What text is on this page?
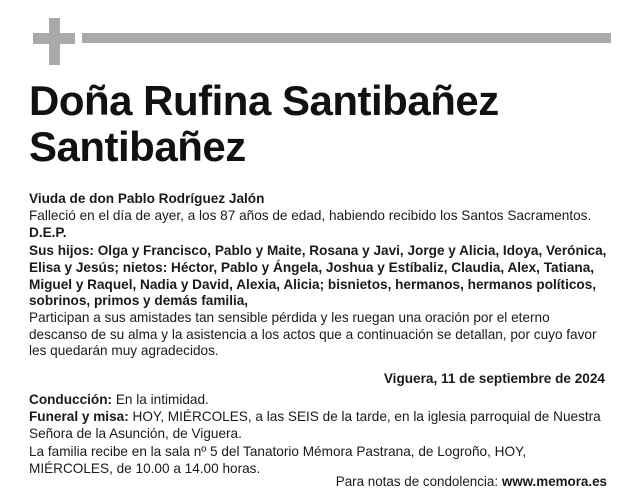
Doña Rufina Santibañez
Santibañez

Viuda de don Pablo Rodríguez Jalón

Falleció en el día de ayer, a los 87 años de edad, habiendo recibido los Santos Sacramentos.

D.E.P.

Sus hijos: Olga y Francisco, Pablo y Maite, Rosana y Javi, Jorge y Alicia, Idoya, Verónica, Elisa y Jesús; nietos: Héctor, Pablo y Ángela, Joshua y Estíbaliz, Claudia, Alex, Tatiana, Miguel y Raquel, Nadia y David, Alexia, Alicia; bisnietos, hermanos, hermanos políticos, sobrinos, primos y demás familia,

Participan a sus amistades tan sensible pérdida y les ruegan una oración por el eterno descanso de su alma y la asistencia a los actos que a continuación se detallan, por cuyo favor les quedarán muy agradecidos.

Viguera, 11 de septiembre de 2024

Conducción: En la intimidad.

Funeral y misa: HOY, MIÉRCOLES, a las SEIS de la tarde, en la iglesia parroquial de Nuestra Señora de la Asunción, de Viguera.

La familia recibe en la sala nº 5 del Tanatorio Mémora Pastrana, de Logroño, HOY, MIÉRCOLES, de 10.00 a 14.00 horas.

Para notas de condolencia: www.memora.es
